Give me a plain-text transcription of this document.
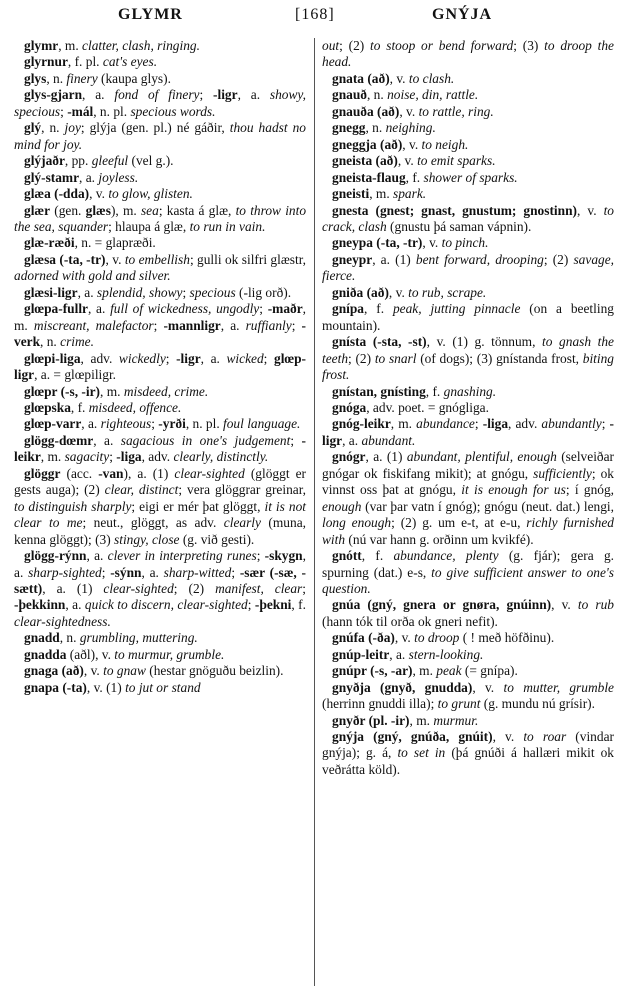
GLYMR	[168]	GNÝJA

glymr, m. clatter, clash, ringing.

glyrnur, f. pl. cat's eyes.

glys, n. finery (kaupa glys).

glys-gjarn, a. fond of finery; -ligr, a. showy, specious; -mál, n. pl. specious words.

glý, n. joy; glýja (gen. pl.) né gáðir, thou hadst no mind for joy.

glýjaðr, pp. gleeful (vel g.).

glý-stamr, a. joyless.

glæa (-dda), v. to glow, glisten.

glær (gen. glæs), m. sea; kasta á glæ, to throw into the sea, squander; hlaupa á glæ, to run in vain.

glæ-ræði, n. = glapræði.

glæsa (-ta, -tr), v. to embellish; gulli ok silfri glæstr, adorned with gold and silver.

glæsi-ligr, a. splendid, showy; specious (-lig orð).

glœpa-fullr, a. full of wickedness, ungodly; -maðr, m. miscreant, malefactor; -mannligr, a. ruffianly; -verk, n. crime.

glœpi-liga, adv. wickedly; -ligr, a. wicked; glœp-ligr, a. = glœpiligr.

glœpr (-s, -ir), m. misdeed, crime.

glœpska, f. misdeed, offence.

glœp-varr, a. righteous; -yrði, n. pl. foul language.

glögg-dœmr, a. sagacious in one's judgement; -leikr, m. sagacity; -liga, adv. clearly, distinctly.

glöggr (acc. -van), a. (1) clear-sighted (glöggt er gests auga); (2) clear, distinct; vera glöggrar greinar, to distinguish sharply; eigi er mér þat glöggt, it is not clear to me; neut., glöggt, as adv. clearly (muna, kenna glöggt); (3) stingy, close (g. við gesti).

glögg-rýnn, a. clever in interpreting runes; -skygn, a. sharp-sighted; -sýnn, a. sharp-witted; -sær (-sæ, -sætt), a. (1) clear-sighted; (2) manifest, clear; -þekkinn, a. quick to discern, clear-sighted; -þekni, f. clear-sightedness.

gnadd, n. grumbling, muttering.

gnadda (aðl), v. to murmur, grumble.

gnaga (að), v. to gnaw (hestar gnöguðu beizlin).

gnapa (-ta), v. (1) to jut or stand

out; (2) to stoop or bend forward; (3) to droop the head.

gnata (að), v. to clash.

gnauð, n. noise, din, rattle.

gnauða (að), v. to rattle, ring.

gnegg, n. neighing.

gneggja (að), v. to neigh.

gneista (að), v. to emit sparks.

gneista-flaug, f. shower of sparks.

gneisti, m. spark.

gnesta (gnest; gnast, gnustum; gnostinn), v. to crack, clash (gnustu þá saman vápnin).

gneypa (-ta, -tr), v. to pinch.

gneypr, a. (1) bent forward, drooping; (2) savage, fierce.

gniða (að), v. to rub, scrape.

gnípa, f. peak, jutting pinnacle (on a beetling mountain).

gnísta (-sta, -st), v. (1) g. tönnum, to gnash the teeth; (2) to snarl (of dogs); (3) gnístanda frost, biting frost.

gnístan, gnísting, f. gnashing.

gnóga, adv. poet. = gnógliga.

gnóg-leikr, m. abundance; -liga, adv. abundantly; -ligr, a. abundant.

gnógr, a. (1) abundant, plentiful, enough (selveiðar gnógar ok fiskifang mikit); at gnógu, sufficiently; ok vinnst oss þat at gnógu, it is enough for us; í gnóg, enough (var þar vatn í gnóg); gnógu (neut. dat.) lengi, long enough; (2) g. um e-t, at e-u, richly furnished with (nú var hann g. orðinn um kvikfé).

gnótt, f. abundance, plenty (g. fjár); gera g. spurning (dat.) e-s, to give sufficient answer to one's question.

gnúa (gný, gnera or gnøra, gnúinn), v. to rub (hann tók til orða ok gneri nefit).

gnúfa (-ða), v. to droop ( ! með höfðinu).

gnúp-leitr, a. stern-looking.

gnúpr (-s, -ar), m. peak (= gnípa).

gnyðja (gnyð, gnudda), v. to mutter, grumble (herrinn gnuddi illa); to grunt (g. mundu nú grísir).

gnyðr (pl. -ir), m. murmur.

gnýja (gný, gnúða, gnúit), v. to roar (vindar gnýja); g. á, to set in (þá gnúði á hallæri mikit ok veðrátta köld).
